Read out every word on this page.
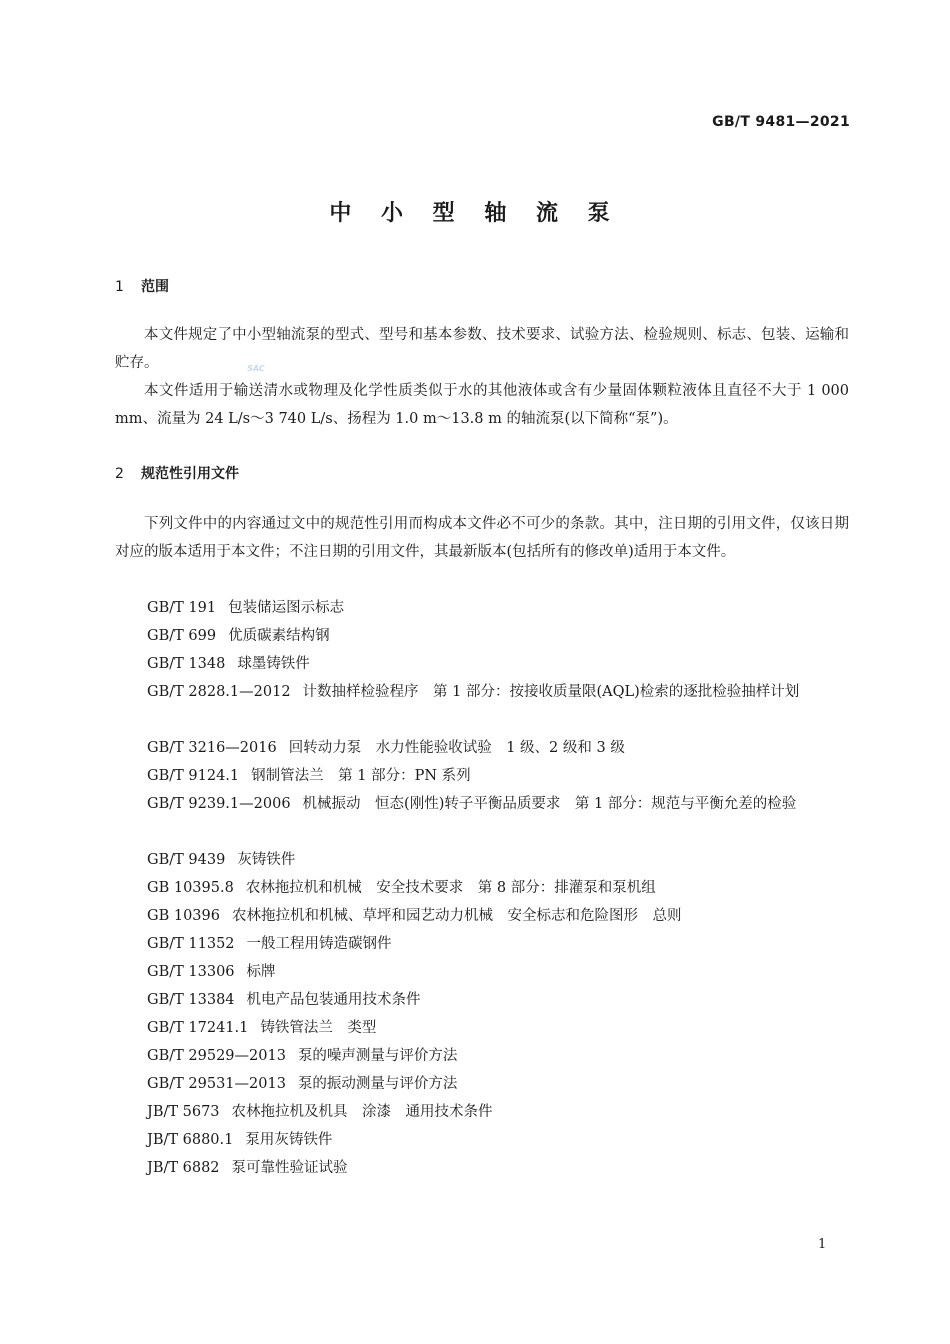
GB/T 9481—2021
中 小 型 轴 流 泵
SAC
1 范围

本文件规定了中小型轴流泵的型式、型号和基本参数、技术要求、试验方法、检验规则、标志、包装、运输和贮存。

本文件适用于输送清水或物理及化学性质类似于水的其他液体或含有少量固体颗粒液体且直径不大于 1 000 mm、流量为 24 L/s～3 740 L/s、扬程为 1.0 m～13.8 m 的轴流泵(以下简称“泵”)。

2 规范性引用文件

下列文件中的内容通过文中的规范性引用而构成本文件必不可少的条款。其中，注日期的引用文件，仅该日期对应的版本适用于本文件；不注日期的引用文件，其最新版本(包括所有的修改单)适用于本文件。

GB/T 191 包装储运图示标志

GB/T 699 优质碳素结构钢

GB/T 1348 球墨铸铁件

GB/T 2828.1—2012 计数抽样检验程序　第 1 部分：按接收质量限(AQL)检索的逐批检验抽样计划

GB/T 3216—2016 回转动力泵　水力性能验收试验　1 级、2 级和 3 级

GB/T 9124.1 钢制管法兰　第 1 部分：PN 系列

GB/T 9239.1—2006 机械振动　恒态(刚性)转子平衡品质要求　第 1 部分：规范与平衡允差的检验

GB/T 9439 灰铸铁件

GB 10395.8 农林拖拉机和机械　安全技术要求　第 8 部分：排灌泵和泵机组

GB 10396 农林拖拉机和机械、草坪和园艺动力机械　安全标志和危险图形　总则

GB/T 11352 一般工程用铸造碳钢件

GB/T 13306 标牌

GB/T 13384 机电产品包装通用技术条件

GB/T 17241.1 铸铁管法兰　类型

GB/T 29529—2013 泵的噪声测量与评价方法

GB/T 29531—2013 泵的振动测量与评价方法

JB/T 5673 农林拖拉机及机具　涂漆　通用技术条件

JB/T 6880.1 泵用灰铸铁件

JB/T 6882 泵可靠性验证试验

1
